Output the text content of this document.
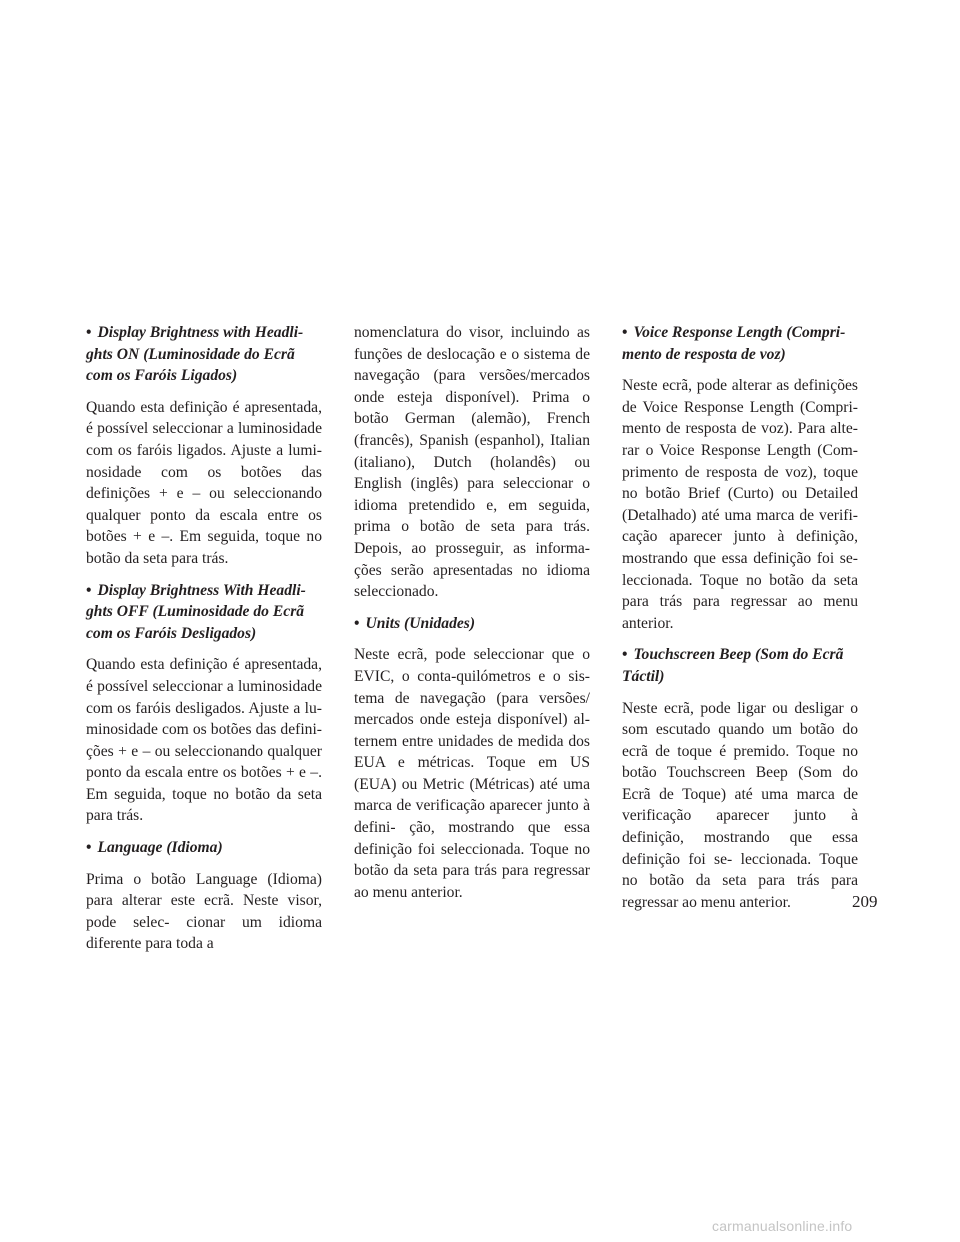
• Display Brightness with Headli-
ghts ON (Luminosidade do Ecrã
com os Faróis Ligados)

Quando esta definição é apresentada, é possível seleccionar a luminosidade com os faróis ligados. Ajuste a lumi- nosidade com os botões das definições + e – ou seleccionando qualquer ponto da escala entre os botões + e –. Em seguida, toque no botão da seta para trás.

• Display Brightness With Headli-
ghts OFF (Luminosidade do Ecrã
com os Faróis Desligados)

Quando esta definição é apresentada, é possível seleccionar a luminosidade com os faróis desligados. Ajuste a lu- minosidade com os botões das defini- ções + e – ou seleccionando qualquer ponto da escala entre os botões + e –. Em seguida, toque no botão da seta para trás.

• Language (Idioma)

Prima o botão Language (Idioma) para alterar este ecrã. Neste visor, pode selec- cionar um idioma diferente para toda a

nomenclatura do visor, incluindo as funções de deslocação e o sistema de navegação (para versões/mercados onde esteja disponível). Prima o botão German (alemão), French (francês), Spanish (espanhol), Italian (italiano), Dutch (holandês) ou English (inglês) para seleccionar o idioma pretendido e, em seguida, prima o botão de seta para trás. Depois, ao prosseguir, as informa- ções serão apresentadas no idioma seleccionado.

• Units (Unidades)

Neste ecrã, pode seleccionar que o EVIC, o conta-quilómetros e o sis- tema de navegação (para versões/ mercados onde esteja disponível) al- ternem entre unidades de medida dos EUA e métricas. Toque em US (EUA) ou Metric (Métricas) até uma marca de verificação aparecer junto à defini- ção, mostrando que essa definição foi seleccionada. Toque no botão da seta para trás para regressar ao menu anterior.

• Voice Response Length (Compri-
mento de resposta de voz)

Neste ecrã, pode alterar as definições de Voice Response Length (Compri- mento de resposta de voz). Para alte- rar o Voice Response Length (Com- primento de resposta de voz), toque no botão Brief (Curto) ou Detailed (Detalhado) até uma marca de verifi- cação aparecer junto à definição, mostrando que essa definição foi se- leccionada. Toque no botão da seta para trás para regressar ao menu anterior.

• Touchscreen Beep (Som do Ecrã
Táctil)

Neste ecrã, pode ligar ou desligar o som escutado quando um botão do ecrã de toque é premido. Toque no botão Touchscreen Beep (Som do Ecrã de Toque) até uma marca de verificação aparecer junto à definição, mostrando que essa definição foi se- leccionada. Toque no botão da seta para trás para regressar ao menu anterior.	209
carmanualsonline.info
